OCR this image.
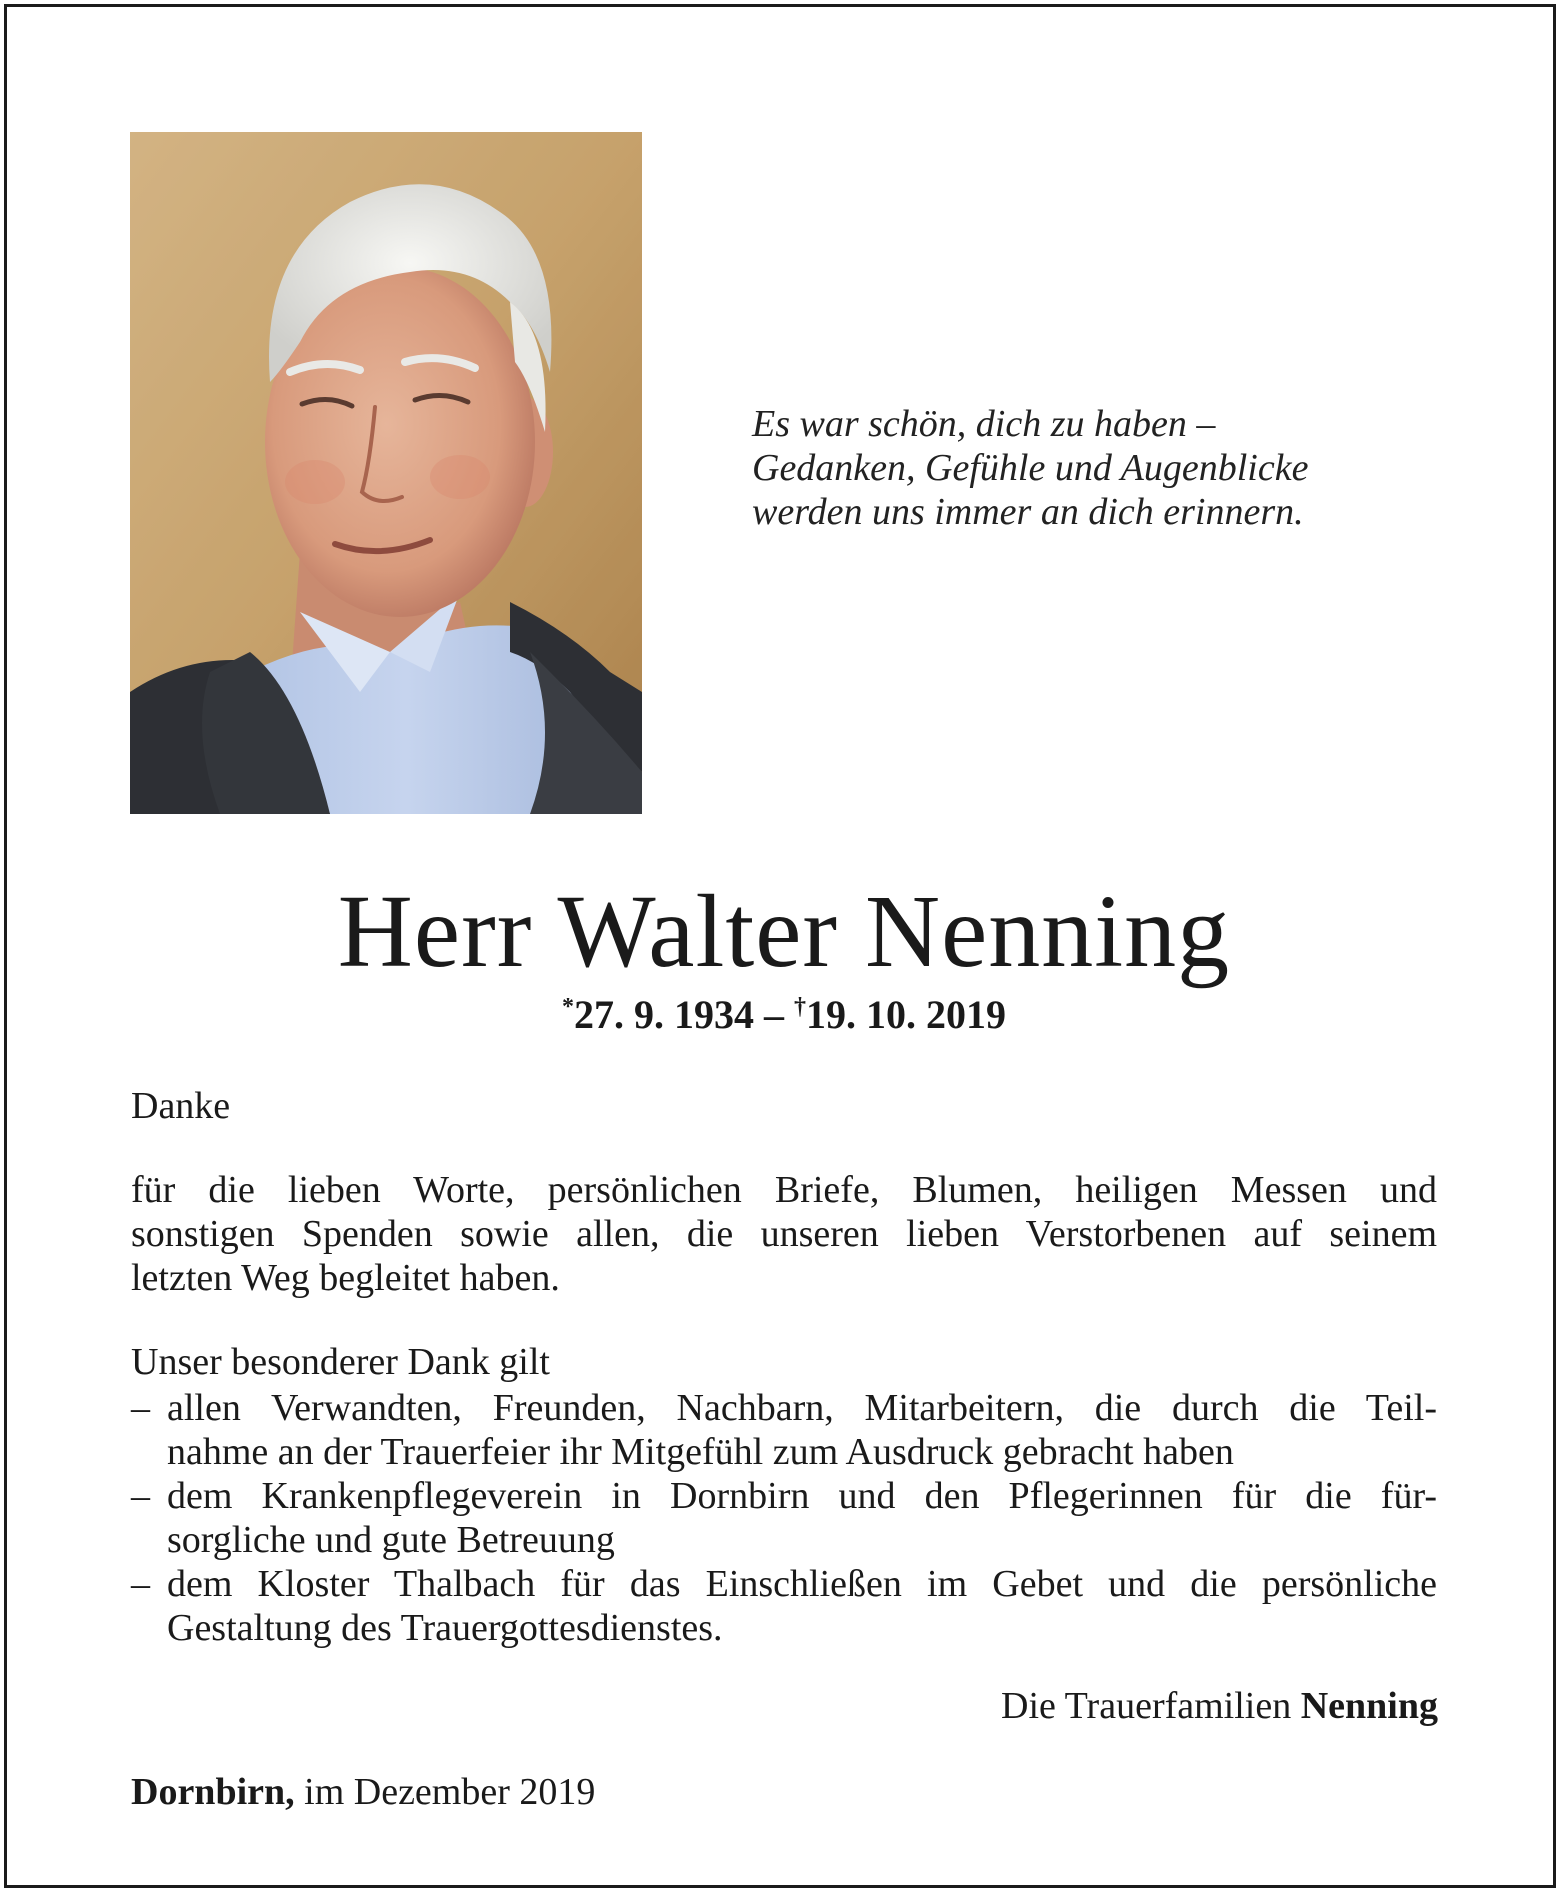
Es war schön, dich zu haben –
Gedanken, Gefühle und Augenblicke
werden uns immer an dich erinnern.
Herr Walter Nenning
*27. 9. 1934 – †19. 10. 2019
Danke
für die lieben Worte, persönlichen Briefe, Blumen, heiligen Messen und
sonstigen Spenden sowie allen, die unseren lieben Verstorbenen auf seinem
letzten Weg begleitet haben.
Unser besonderer Dank gilt
– allen Verwandten, Freunden, Nachbarn, Mitarbeitern, die durch die Teil-
nahme an der Trauerfeier ihr Mitgefühl zum Ausdruck gebracht haben
– dem Krankenpflegeverein in Dornbirn und den Pflegerinnen für die für-
sorgliche und gute Betreuung
– dem Kloster Thalbach für das Einschließen im Gebet und die persönliche
Gestaltung des Trauergottesdienstes.
Die Trauerfamilien Nenning
Dornbirn, im Dezember 2019
